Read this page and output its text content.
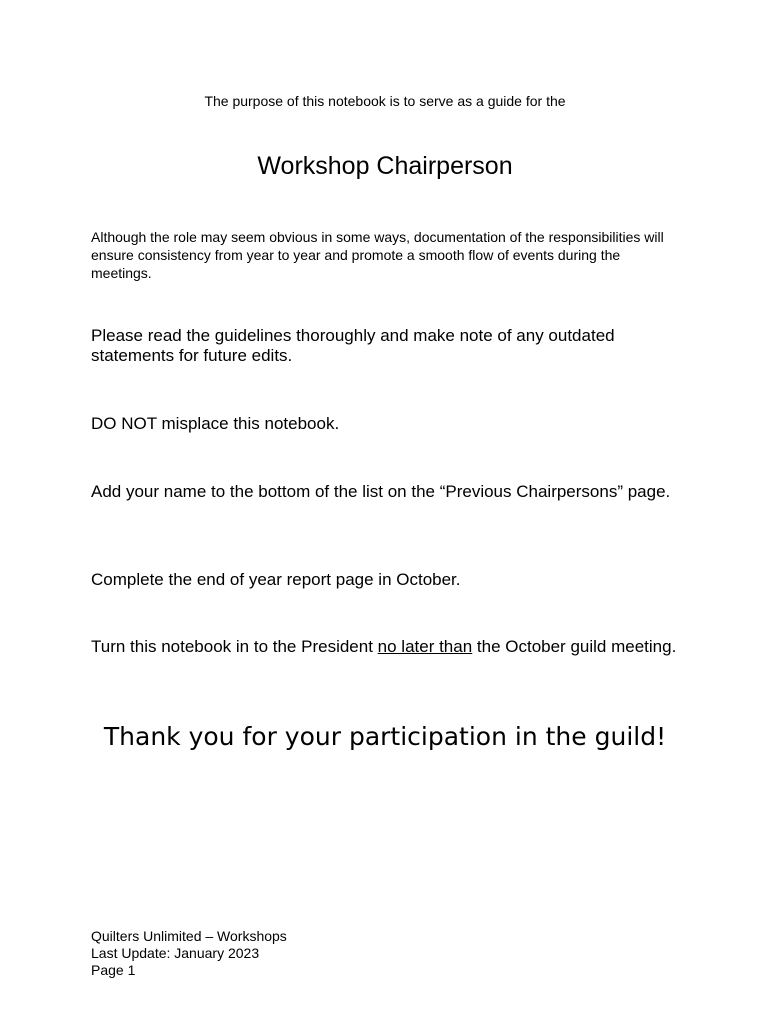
The purpose of this notebook is to serve as a guide for the
Workshop Chairperson

Although the role may seem obvious in some ways, documentation of the responsibilities will ensure consistency from year to year and promote a smooth flow of events during the meetings.

Please read the guidelines thoroughly and make note of any outdated statements for future edits.

DO NOT misplace this notebook.

Add your name to the bottom of the list on the “Previous Chairpersons” page.

Complete the end of year report page in October.

Turn this notebook in to the President no later than the October guild meeting.

Thank you for your participation in the guild!
Quilters Unlimited – Workshops
Last Update: January 2023
Page 1
